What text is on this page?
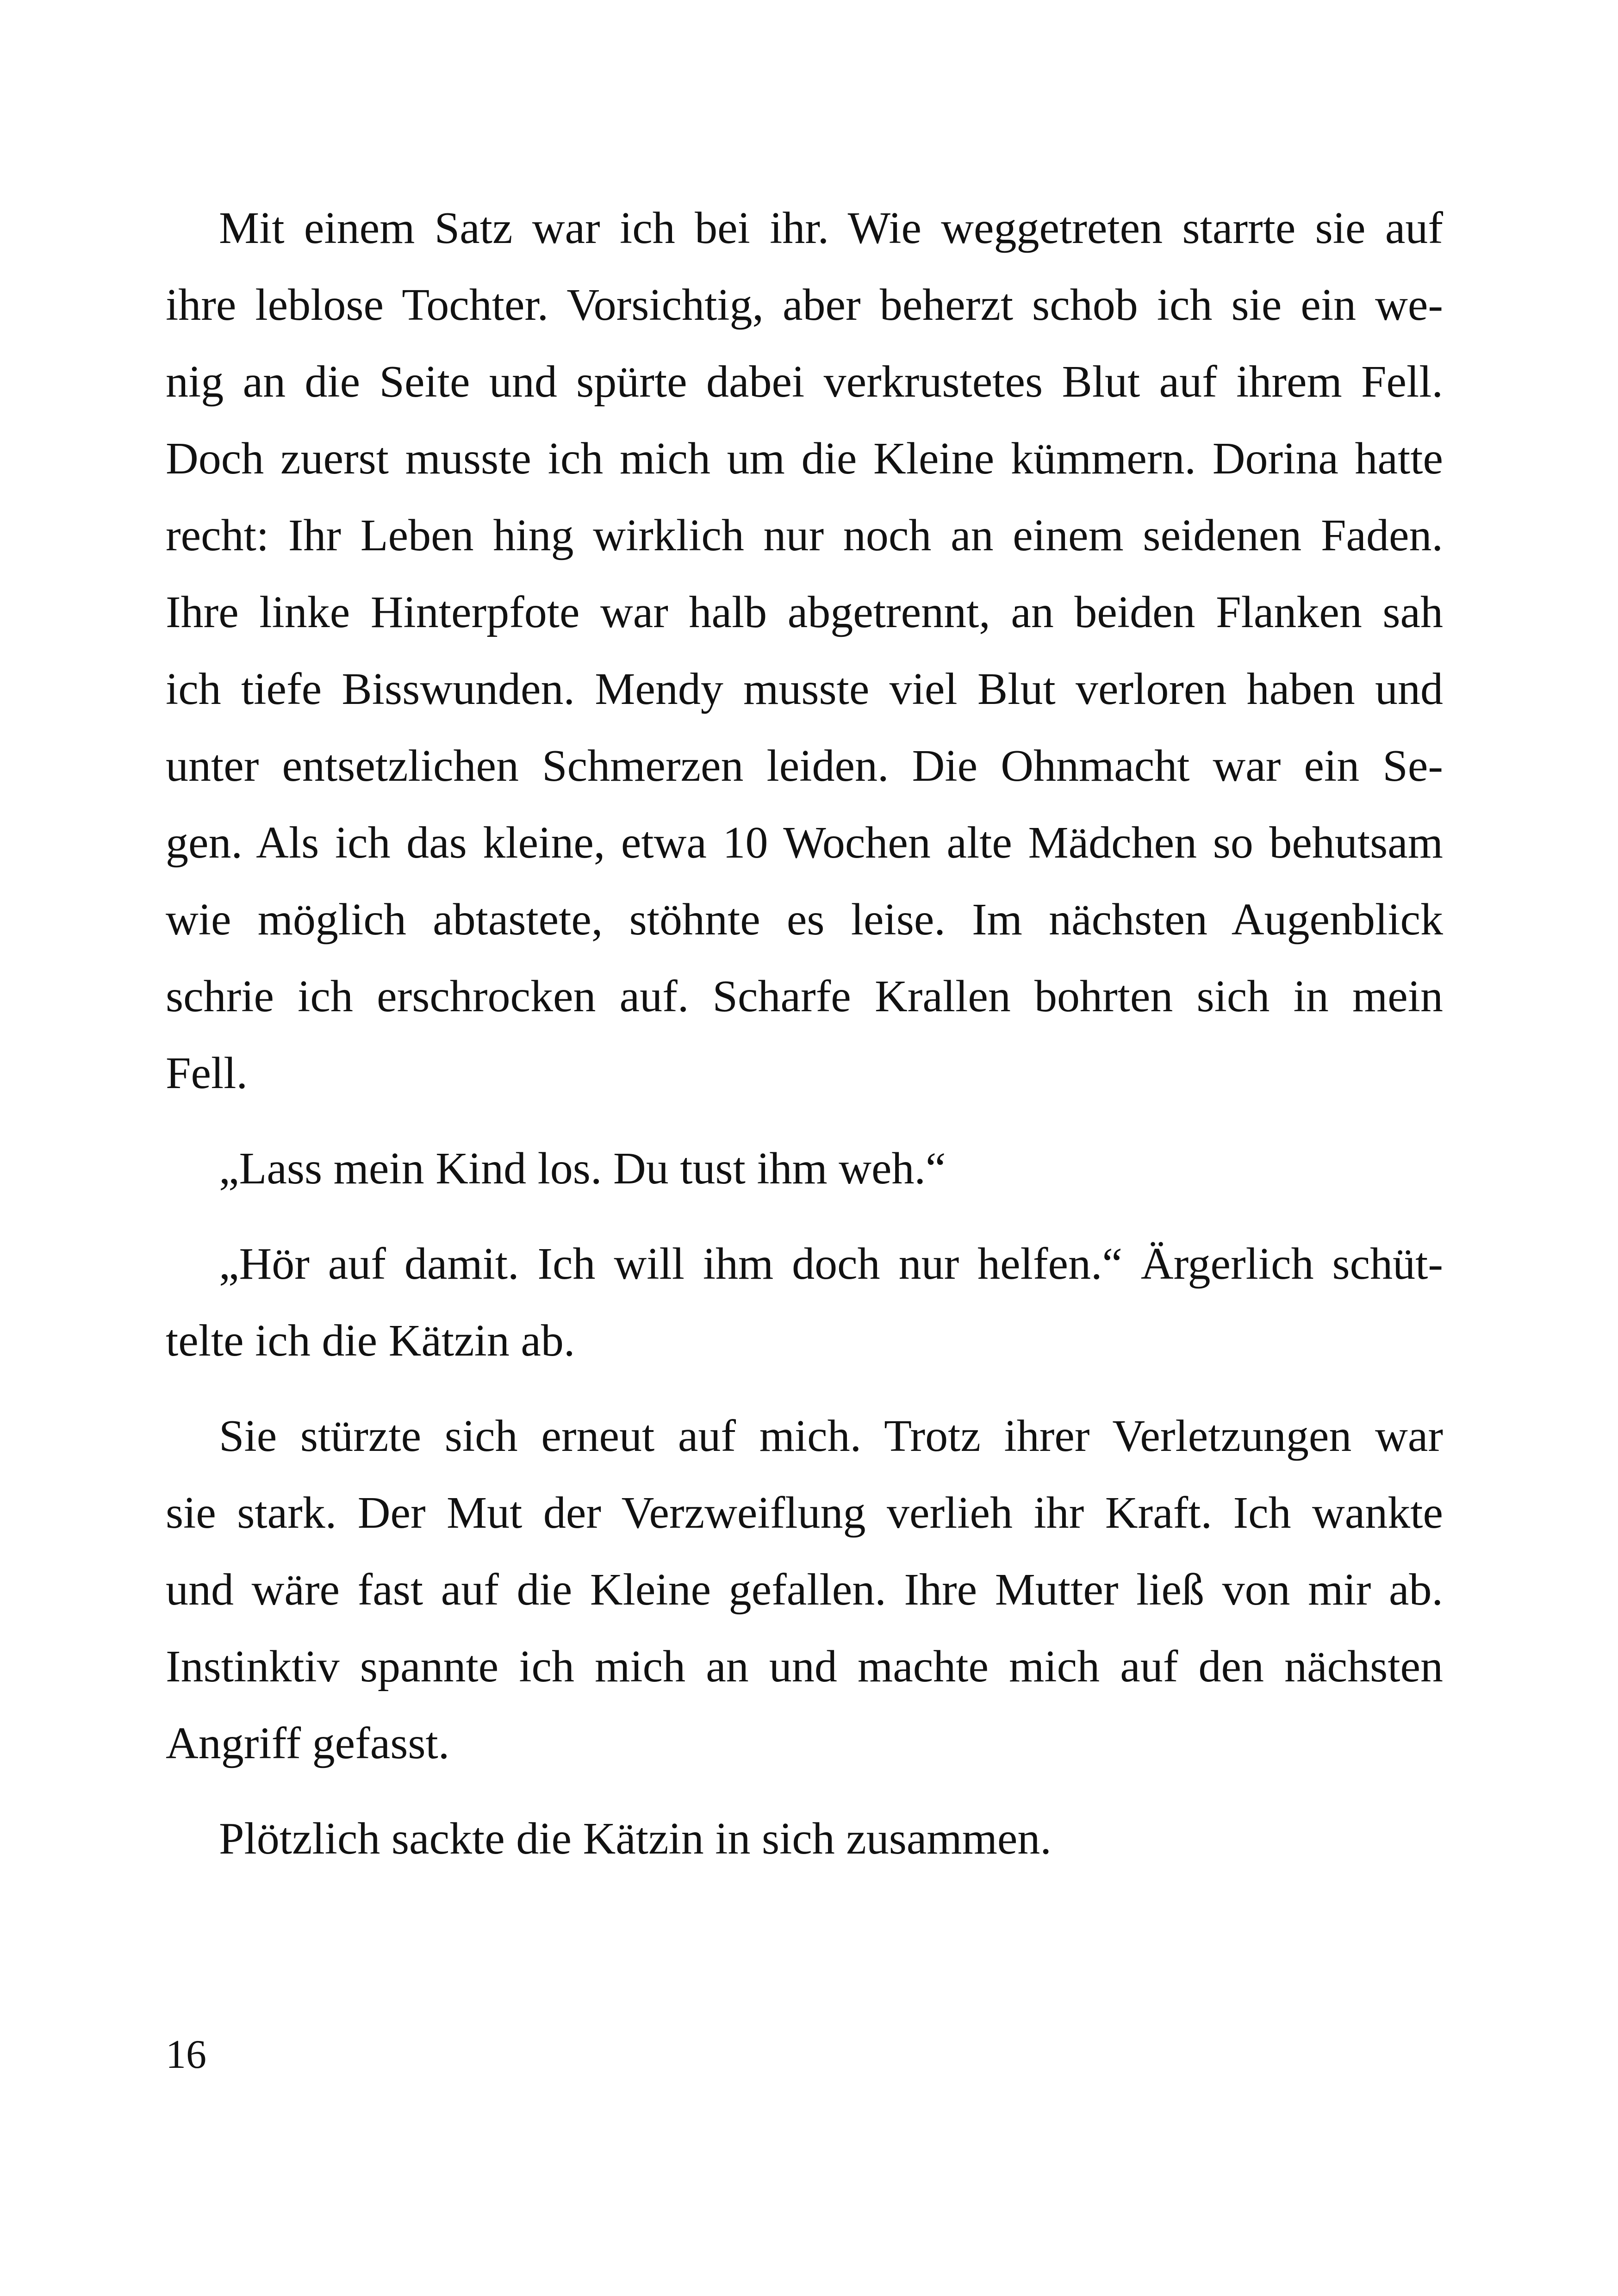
Mit einem Satz war ich bei ihr. Wie weggetreten starrte sie auf
ihre leblose Tochter. Vorsichtig, aber beherzt schob ich sie ein we-
nig an die Seite und spürte dabei verkrustetes Blut auf ihrem Fell.
Doch zuerst musste ich mich um die Kleine kümmern. Dorina hatte
recht: Ihr Leben hing wirklich nur noch an einem seidenen Faden.
Ihre linke Hinterpfote war halb abgetrennt, an beiden Flanken sah
ich tiefe Bisswunden. Mendy musste viel Blut verloren haben und
unter entsetzlichen Schmerzen leiden. Die Ohnmacht war ein Se-
gen. Als ich das kleine, etwa 10 Wochen alte Mädchen so behutsam
wie möglich abtastete, stöhnte es leise. Im nächsten Augenblick
schrie ich erschrocken auf. Scharfe Krallen bohrten sich in mein
Fell.
„Lass mein Kind los. Du tust ihm weh.“
„Hör auf damit. Ich will ihm doch nur helfen.“ Ärgerlich schüt-
telte ich die Kätzin ab.
Sie stürzte sich erneut auf mich. Trotz ihrer Verletzungen war
sie stark. Der Mut der Verzweiflung verlieh ihr Kraft. Ich wankte
und wäre fast auf die Kleine gefallen. Ihre Mutter ließ von mir ab.
Instinktiv spannte ich mich an und machte mich auf den nächsten
Angriff gefasst.
Plötzlich sackte die Kätzin in sich zusammen.
16
